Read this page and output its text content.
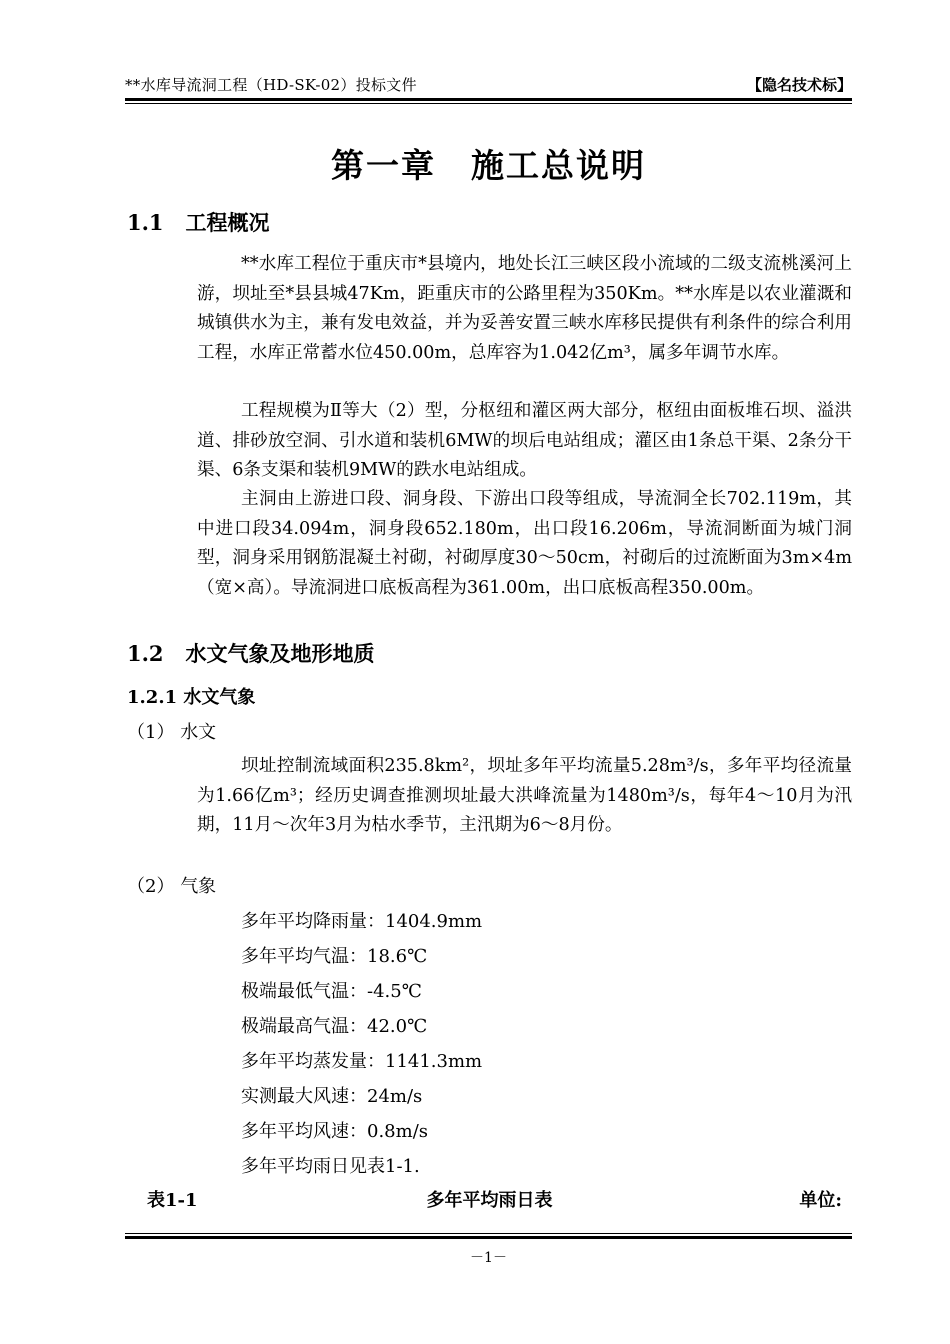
**水库导流洞工程（HD-SK-02）投标文件	【隐名技术标】
第一章　施工总说明
1.1 工程概况

**水库工程位于重庆市*县境内，地处长江三峡区段小流域的二级支流桃溪河上游，坝址至*县县城47Km，距重庆市的公路里程为350Km。**水库是以农业灌溉和城镇供水为主，兼有发电效益，并为妥善安置三峡水库移民提供有利条件的综合利用工程，水库正常蓄水位450.00m，总库容为1.042亿m³，属多年调节水库。

工程规模为Ⅱ等大（2）型，分枢纽和灌区两大部分，枢纽由面板堆石坝、溢洪道、排砂放空洞、引水道和装机6MW的坝后电站组成；灌区由1条总干渠、2条分干渠、6条支渠和装机9MW的跌水电站组成。

主洞由上游进口段、洞身段、下游出口段等组成，导流洞全长702.119m，其中进口段34.094m，洞身段652.180m，出口段16.206m，导流洞断面为城门洞型，洞身采用钢筋混凝土衬砌，衬砌厚度30～50cm，衬砌后的过流断面为3m×4m（宽×高）。导流洞进口底板高程为361.00m，出口底板高程350.00m。

1.2 水文气象及地形地质
1.2.1 水文气象
（1） 水文

坝址控制流域面积235.8km²，坝址多年平均流量5.28m³/s，多年平均径流量为1.66亿m³；经历史调查推测坝址最大洪峰流量为1480m³/s，每年4～10月为汛期，11月～次年3月为枯水季节，主汛期为6～8月份。

（2） 气象
多年平均降雨量：1404.9mm
多年平均气温：18.6℃
极端最低气温：-4.5℃
极端最高气温：42.0℃
多年平均蒸发量：1141.3mm
实测最大风速：24m/s
多年平均风速：0.8m/s
多年平均雨日见表1-1.
多年平均雨日表
表1-1	单位:
－1－
